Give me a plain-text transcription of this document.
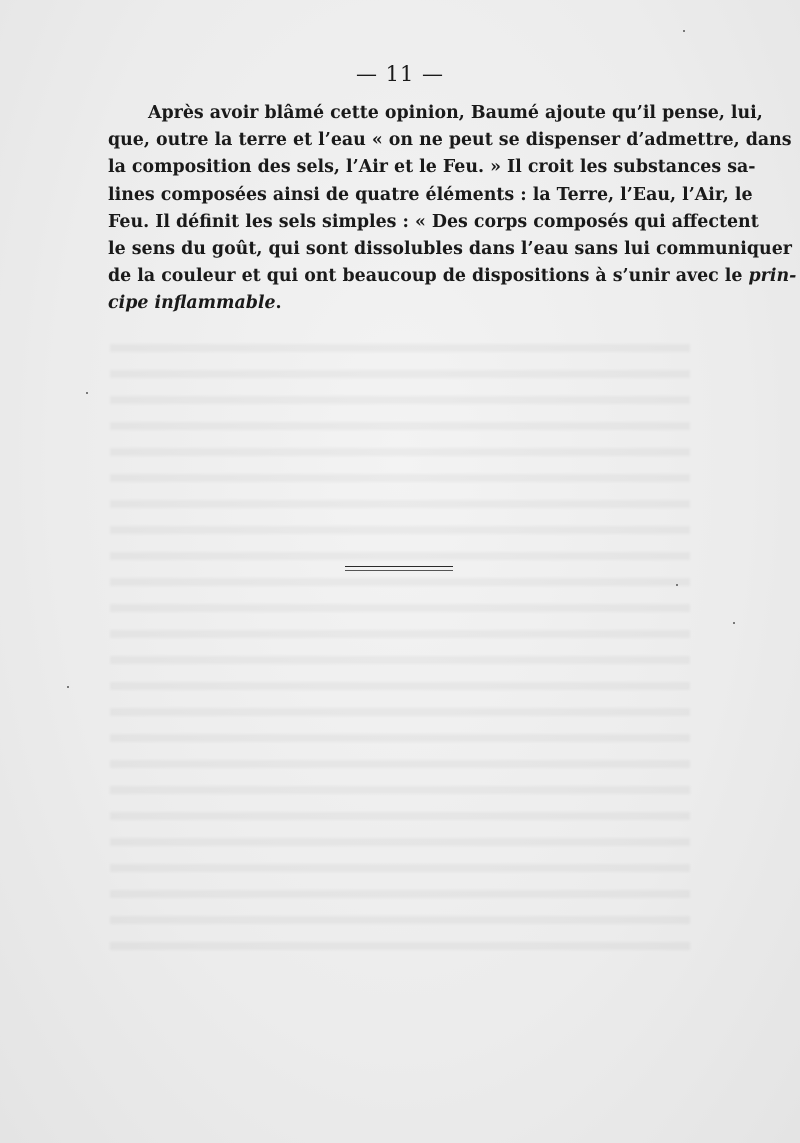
— 11 —
Après avoir blâmé cette opinion, Baumé ajoute qu’il pense, lui,
que, outre la terre et l’eau « on ne peut se dispenser d’admettre, dans
la composition des sels, l’Air et le Feu. » Il croit les substances sa-
lines composées ainsi de quatre éléments : la Terre, l’Eau, l’Air, le
Feu. Il définit les sels simples : « Des corps composés qui affectent
le sens du goût, qui sont dissolubles dans l’eau sans lui communiquer
de la couleur et qui ont beaucoup de dispositions à s’unir avec le prin-
cipe inflammable.
